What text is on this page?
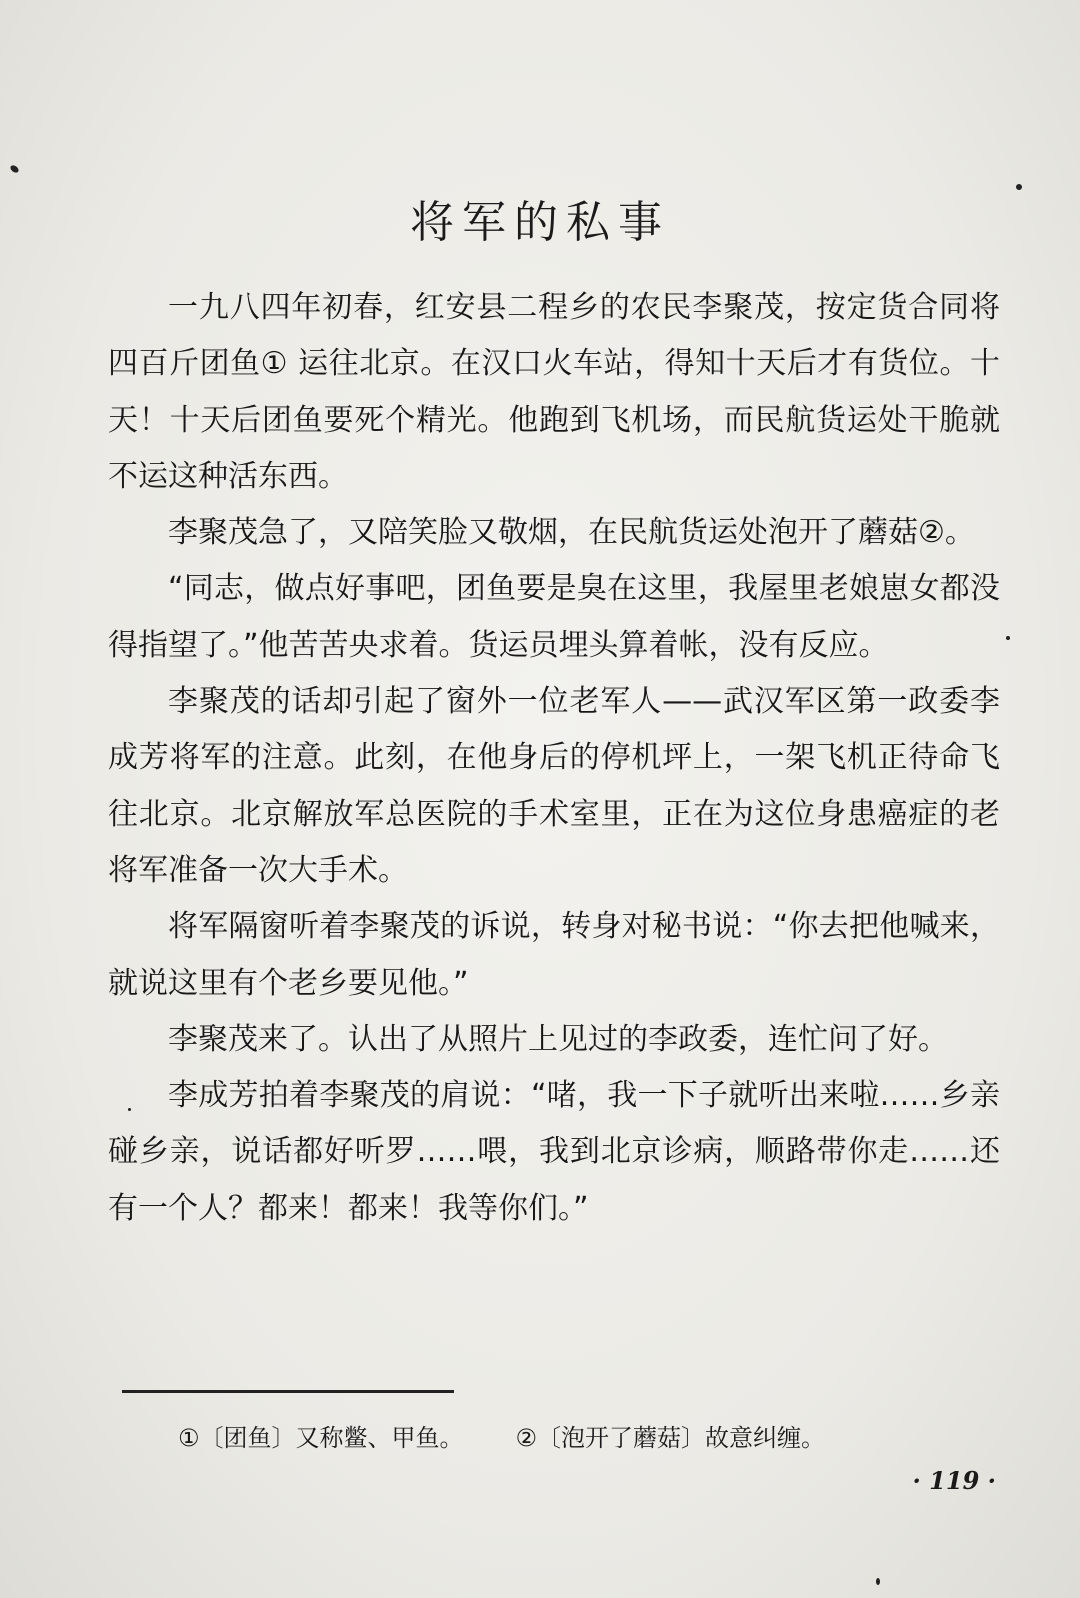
将军的私事

一九八四年初春，红安县二程乡的农民李聚茂，按定货合同将四百斤团鱼① 运往北京。在汉口火车站，得知十天后才有货位。十天！十天后团鱼要死个精光。他跑到飞机场，而民航货运处干脆就不运这种活东西。

李聚茂急了，又陪笑脸又敬烟，在民航货运处泡开了蘑菇②。

“同志，做点好事吧，团鱼要是臭在这里，我屋里老娘崽女都没得指望了。”他苦苦央求着。货运员埋头算着帐，没有反应。

李聚茂的话却引起了窗外一位老军人——武汉军区第一政委李成芳将军的注意。此刻，在他身后的停机坪上，一架飞机正待命飞往北京。北京解放军总医院的手术室里，正在为这位身患癌症的老将军准备一次大手术。

将军隔窗听着李聚茂的诉说，转身对秘书说：“你去把他喊来，就说这里有个老乡要见他。”

李聚茂来了。认出了从照片上见过的李政委，连忙问了好。

李成芳拍着李聚茂的肩说：“啫，我一下子就听出来啦……乡亲碰乡亲，说话都好听罗……喂，我到北京诊病，顺路带你走……还有一个人？都来！都来！我等你们。”

①〔团鱼〕又称鳖、甲鱼。 ②〔泡开了蘑菇〕故意纠缠。
· 119 ·
